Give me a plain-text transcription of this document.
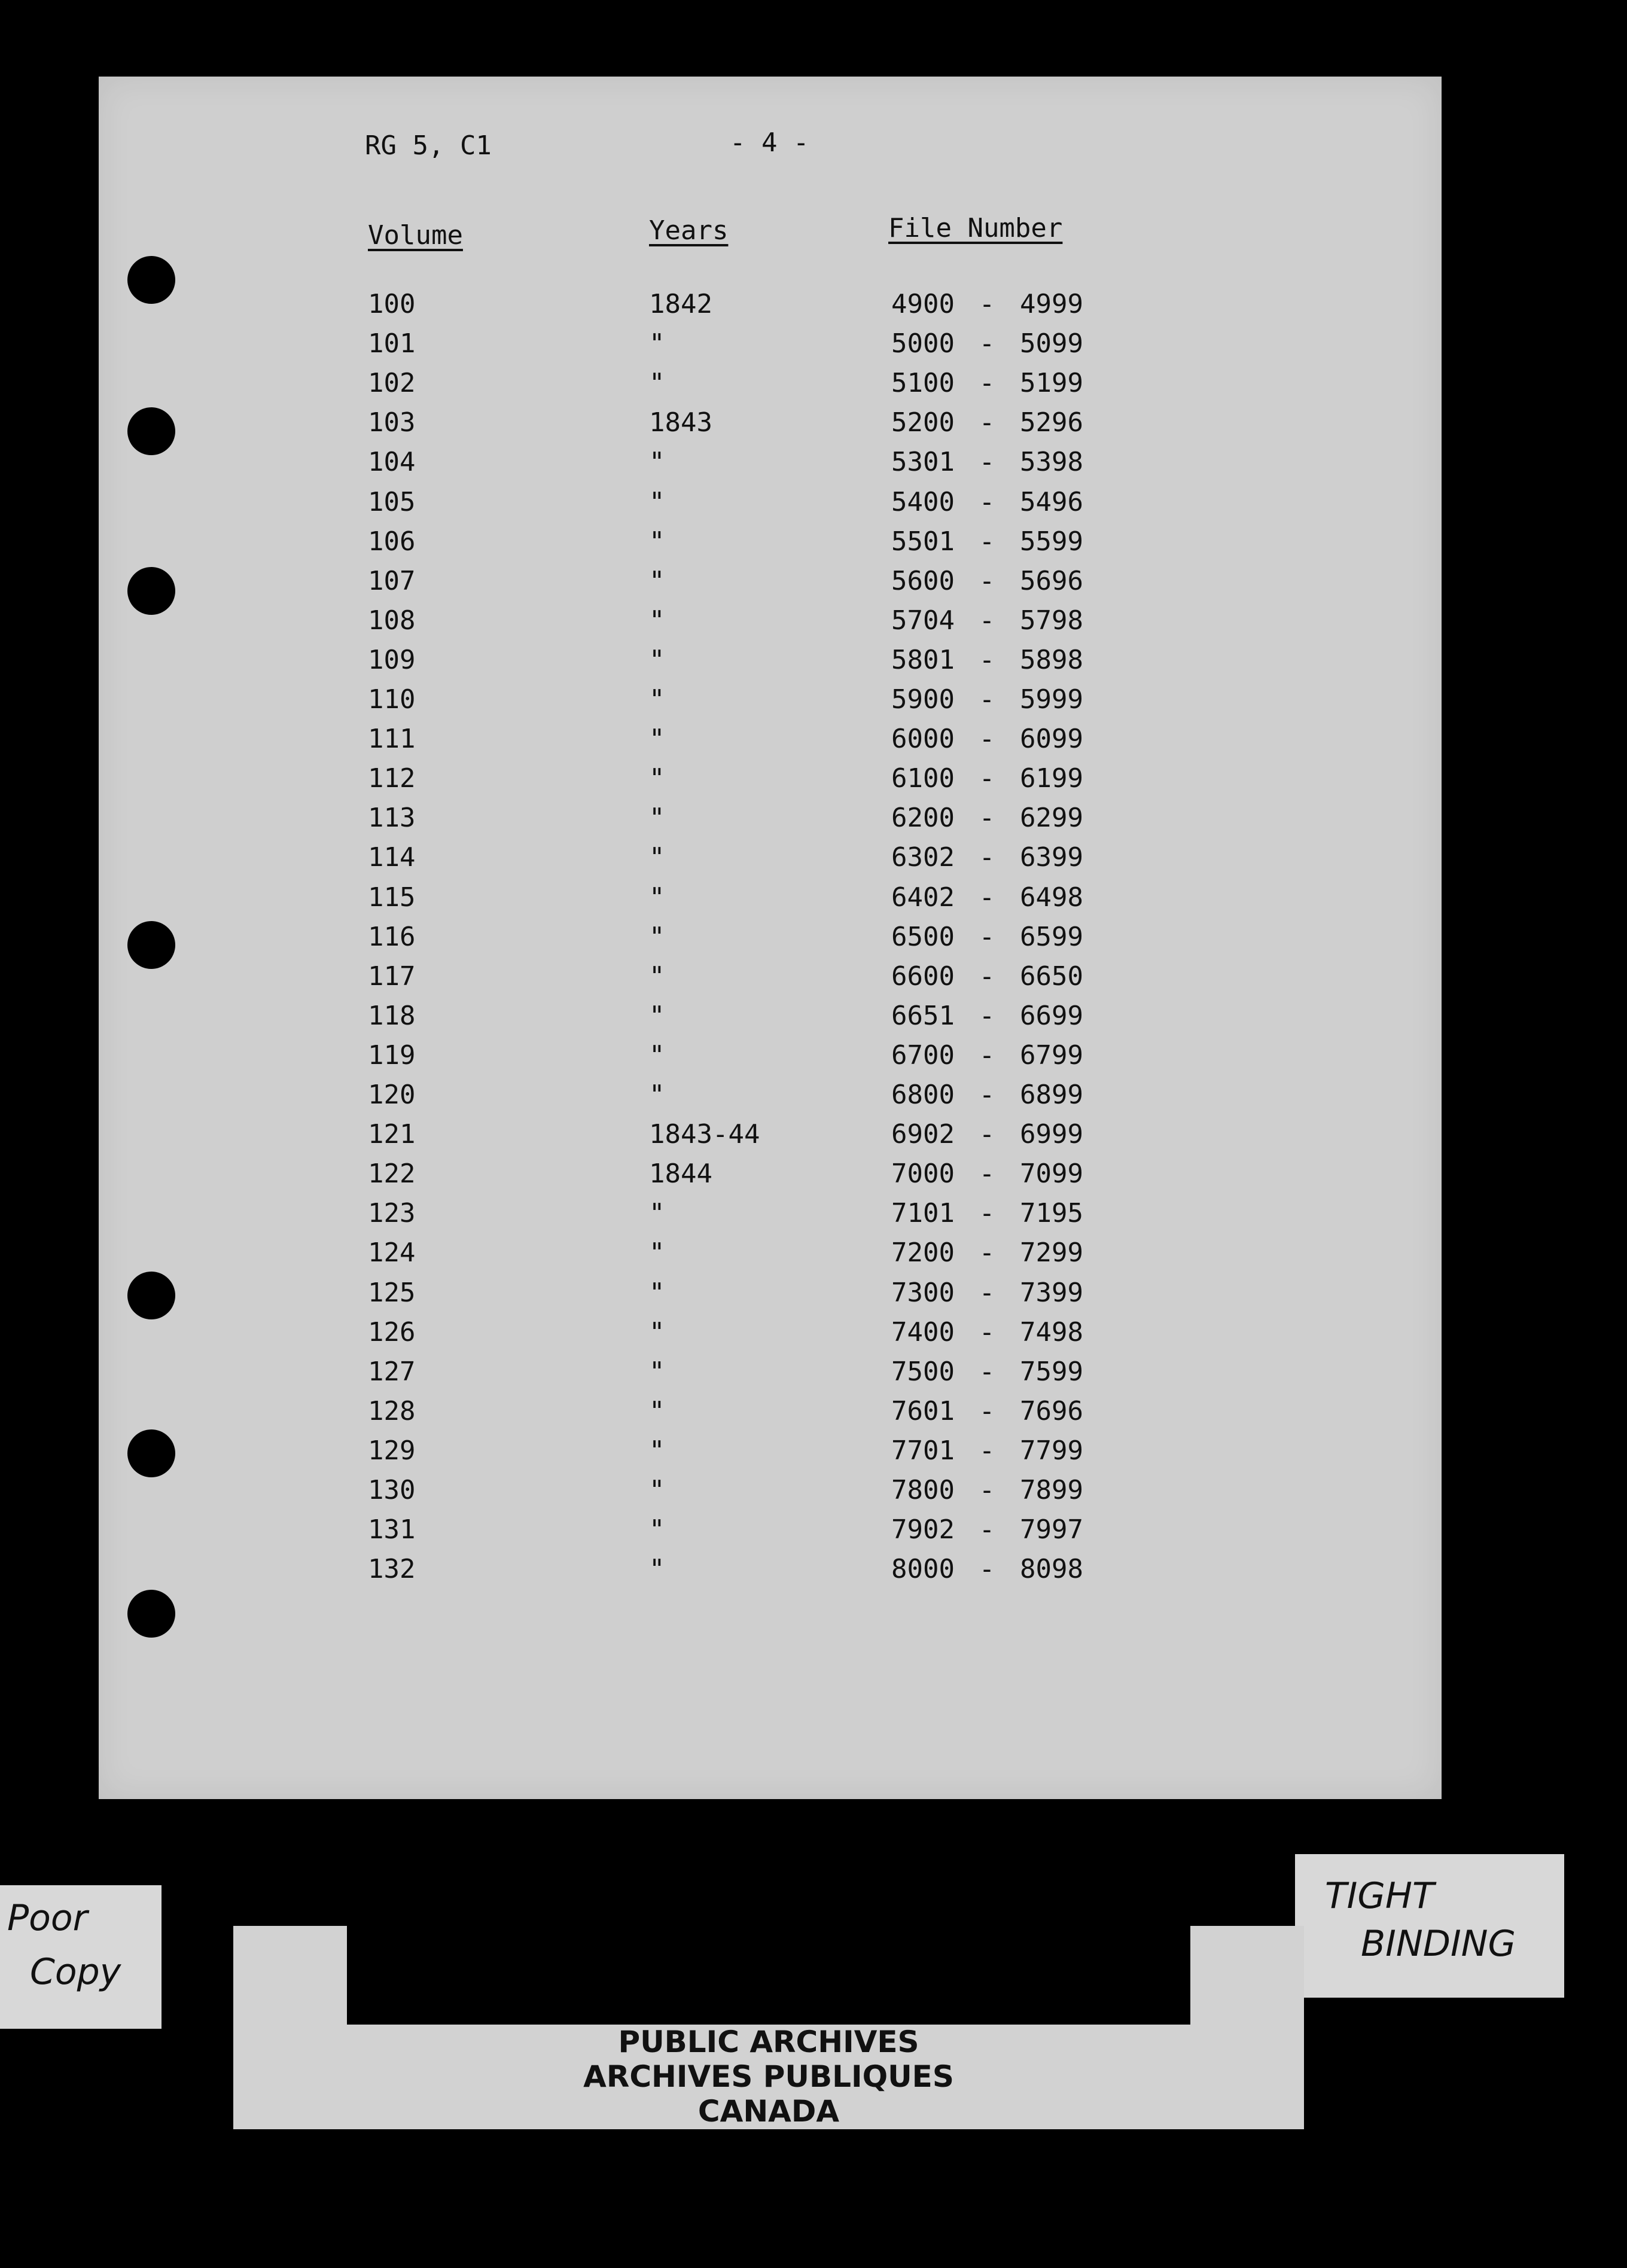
RG 5, C1	- 4 -
Volume	Years	File Number
100	1842	4900 - 4999
101	"	5000 - 5099
102	"	5100 - 5199
103	1843	5200 - 5296
104	"	5301 - 5398
105	"	5400 - 5496
106	"	5501 - 5599
107	"	5600 - 5696
108	"	5704 - 5798
109	"	5801 - 5898
110	"	5900 - 5999
111	"	6000 - 6099
112	"	6100 - 6199
113	"	6200 - 6299
114	"	6302 - 6399
115	"	6402 - 6498
116	"	6500 - 6599
117	"	6600 - 6650
118	"	6651 - 6699
119	"	6700 - 6799
120	"	6800 - 6899
121	1843-44	6902 - 6999
122	1844	7000 - 7099
123	"	7101 - 7195
124	"	7200 - 7299
125	"	7300 - 7399
126	"	7400 - 7498
127	"	7500 - 7599
128	"	7601 - 7696
129	"	7701 - 7799
130	"	7800 - 7899
131	"	7902 - 7997
132	"	8000 - 8098
Poor
Copy
TIGHT
BINDING
PUBLIC ARCHIVES
ARCHIVES PUBLIQUES
CANADA
